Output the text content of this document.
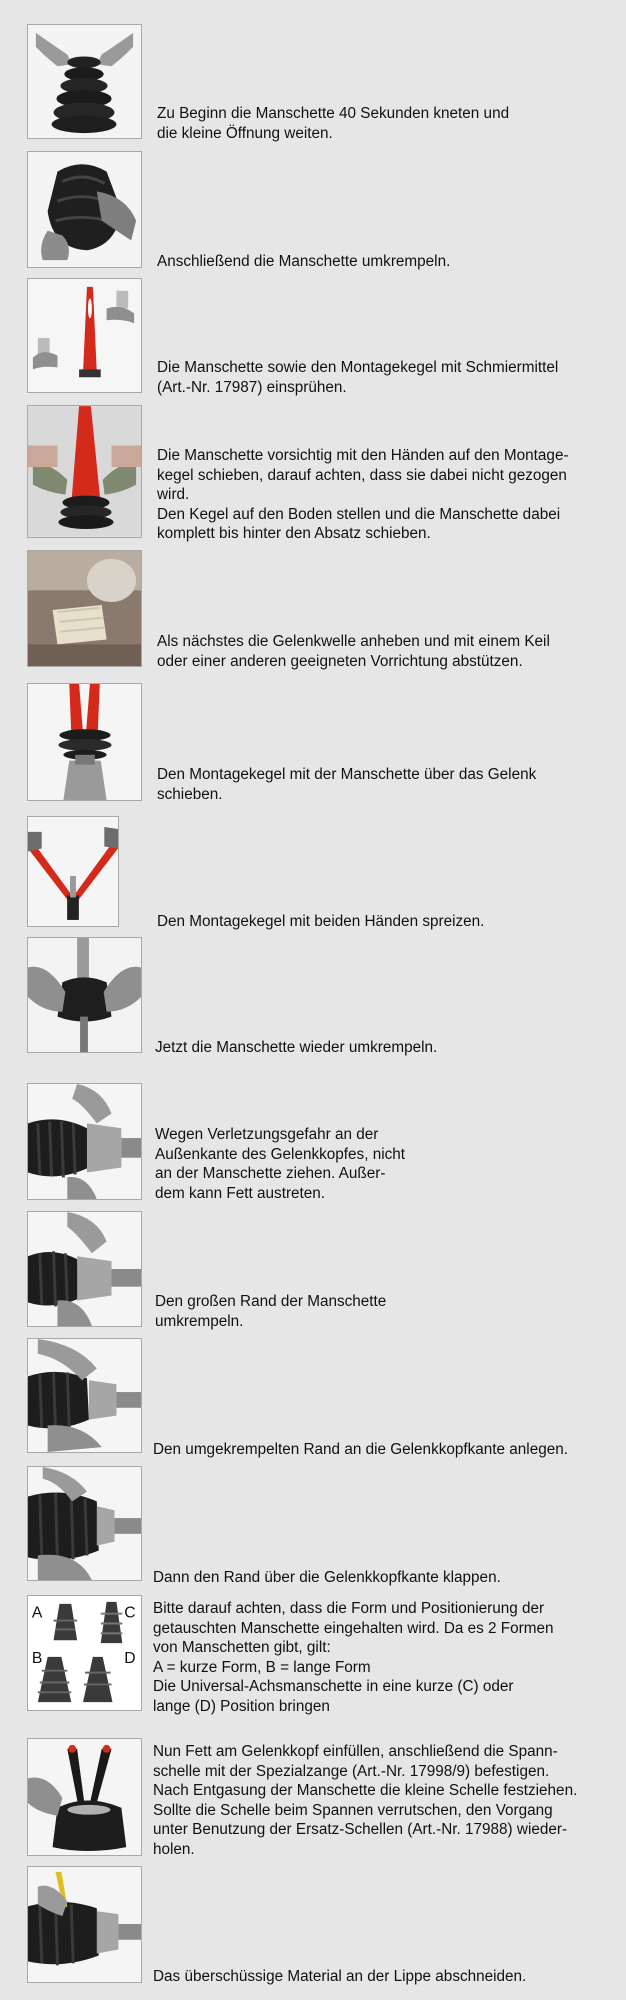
Zu Beginn die Manschette 40 Sekunden kneten und
die kleine Öffnung weiten.
Anschließend die Manschette umkrempeln.
Die Manschette sowie den Montagekegel mit Schmiermittel
(Art.-Nr. 17987) einsprühen.
Die Manschette vorsichtig mit den Händen auf den Montage-
kegel schieben, darauf achten, dass sie dabei nicht gezogen
wird.
Den Kegel auf den Boden stellen und die Manschette dabei
komplett bis hinter den Absatz schieben.
Als nächstes die Gelenkwelle anheben und mit einem Keil
oder einer anderen geeigneten Vorrichtung abstützen.
Den Montagekegel mit der Manschette über das Gelenk
schieben.
Den Montagekegel mit beiden Händen spreizen.
Jetzt die Manschette wieder umkrempeln.
Wegen Verletzungsgefahr an der
Außenkante des Gelenkkopfes, nicht
an der Manschette ziehen. Außer-
dem kann Fett austreten.
Den großen Rand der Manschette
umkrempeln.
Den umgekrempelten Rand an die Gelenkkopfkante anlegen.
Dann den Rand über die Gelenkkopfkante klappen.
A	C
B	D
Bitte darauf achten, dass die Form und Positionierung der
getauschten Manschette eingehalten wird. Da es 2 Formen
von Manschetten gibt, gilt:
A = kurze Form, B = lange Form
Die Universal-Achsmanschette in eine kurze (C) oder
lange (D) Position bringen
Nun Fett am Gelenkkopf einfüllen, anschließend die Spann-
schelle mit der Spezialzange (Art.-Nr. 17998/9) befestigen.
Nach Entgasung der Manschette die kleine Schelle festziehen.
Sollte die Schelle beim Spannen verrutschen, den Vorgang
unter Benutzung der Ersatz-Schellen (Art.-Nr. 17988) wieder-
holen.
Das überschüssige Material an der Lippe abschneiden.
